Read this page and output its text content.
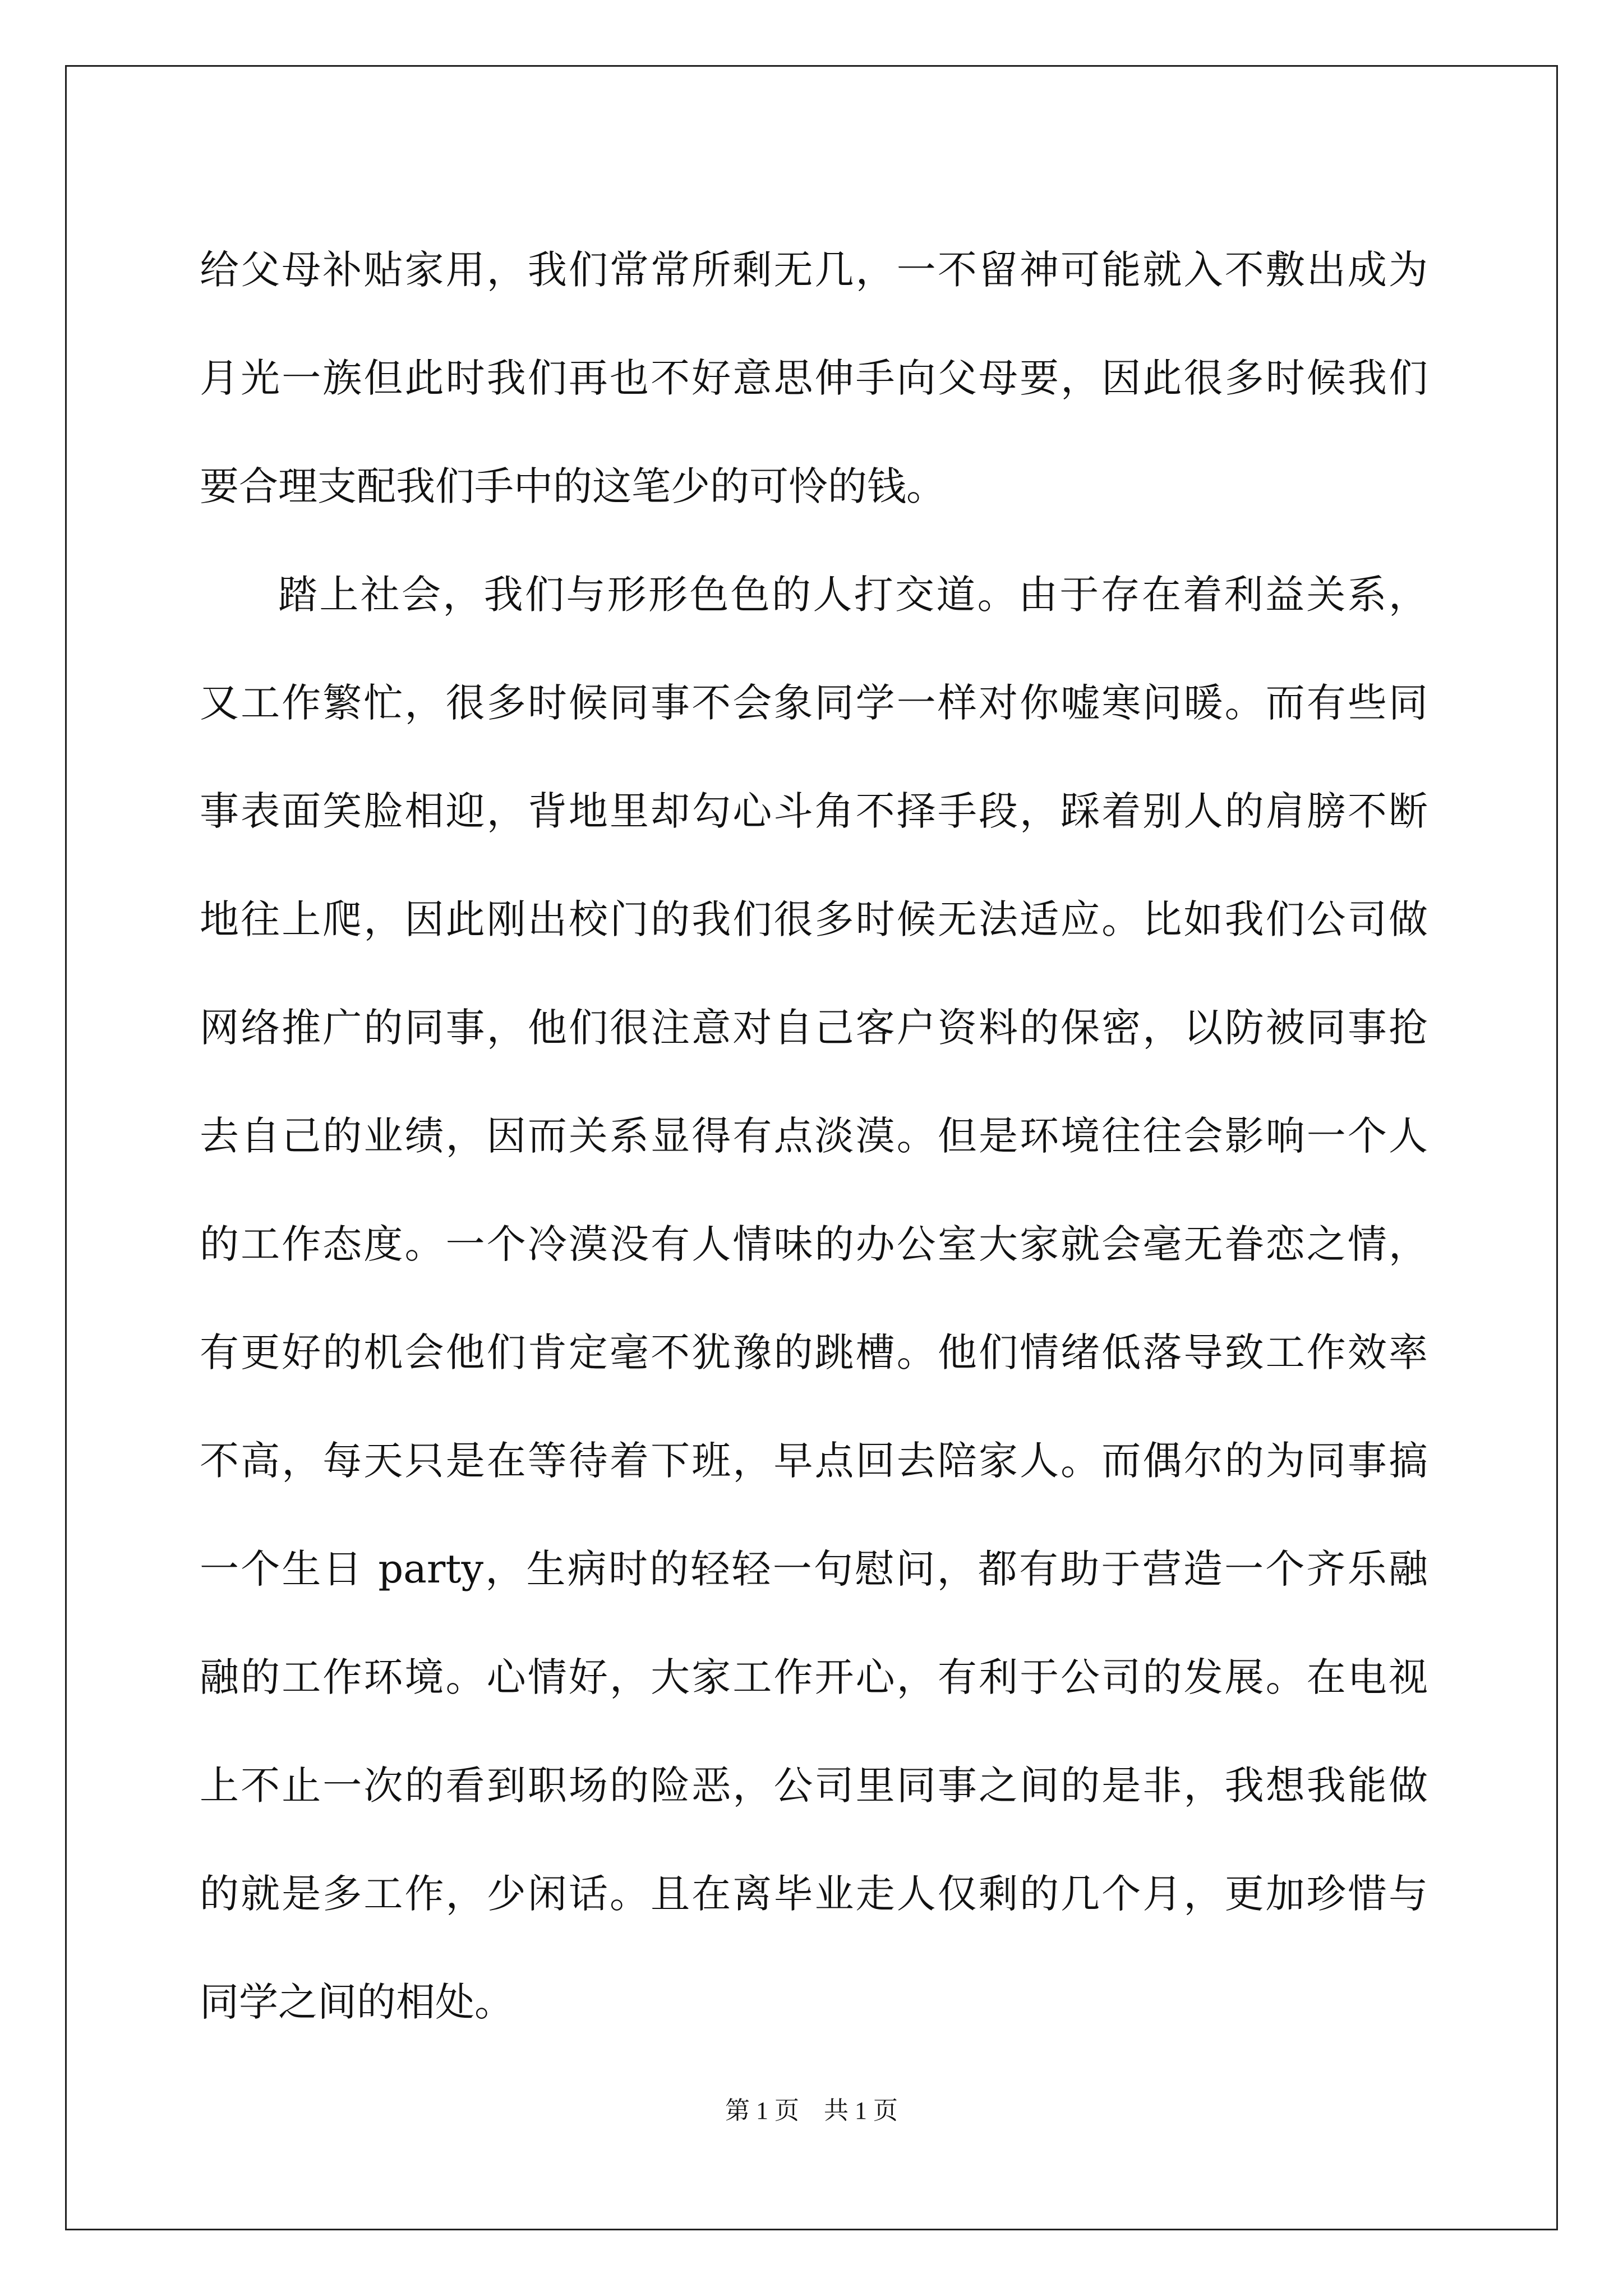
给父母补贴家用，我们常常所剩无几，一不留神可能就入不敷出成为
月光一族但此时我们再也不好意思伸手向父母要，因此很多时候我们
要合理支配我们手中的这笔少的可怜的钱。
踏上社会，我们与形形色色的人打交道。由于存在着利益关系，
又工作繁忙，很多时候同事不会象同学一样对你嘘寒问暖。而有些同
事表面笑脸相迎，背地里却勾心斗角不择手段，踩着别人的肩膀不断
地往上爬，因此刚出校门的我们很多时候无法适应。比如我们公司做
网络推广的同事，他们很注意对自己客户资料的保密，以防被同事抢
去自己的业绩，因而关系显得有点淡漠。但是环境往往会影响一个人
的工作态度。一个冷漠没有人情味的办公室大家就会毫无眷恋之情，
有更好的机会他们肯定毫不犹豫的跳槽。他们情绪低落导致工作效率
不高，每天只是在等待着下班，早点回去陪家人。而偶尔的为同事搞
一个生日 party，生病时的轻轻一句慰问，都有助于营造一个齐乐融
融的工作环境。心情好，大家工作开心，有利于公司的发展。在电视
上不止一次的看到职场的险恶，公司里同事之间的是非，我想我能做
的就是多工作，少闲话。且在离毕业走人仅剩的几个月，更加珍惜与
同学之间的相处。
第 1 页　共 1 页
